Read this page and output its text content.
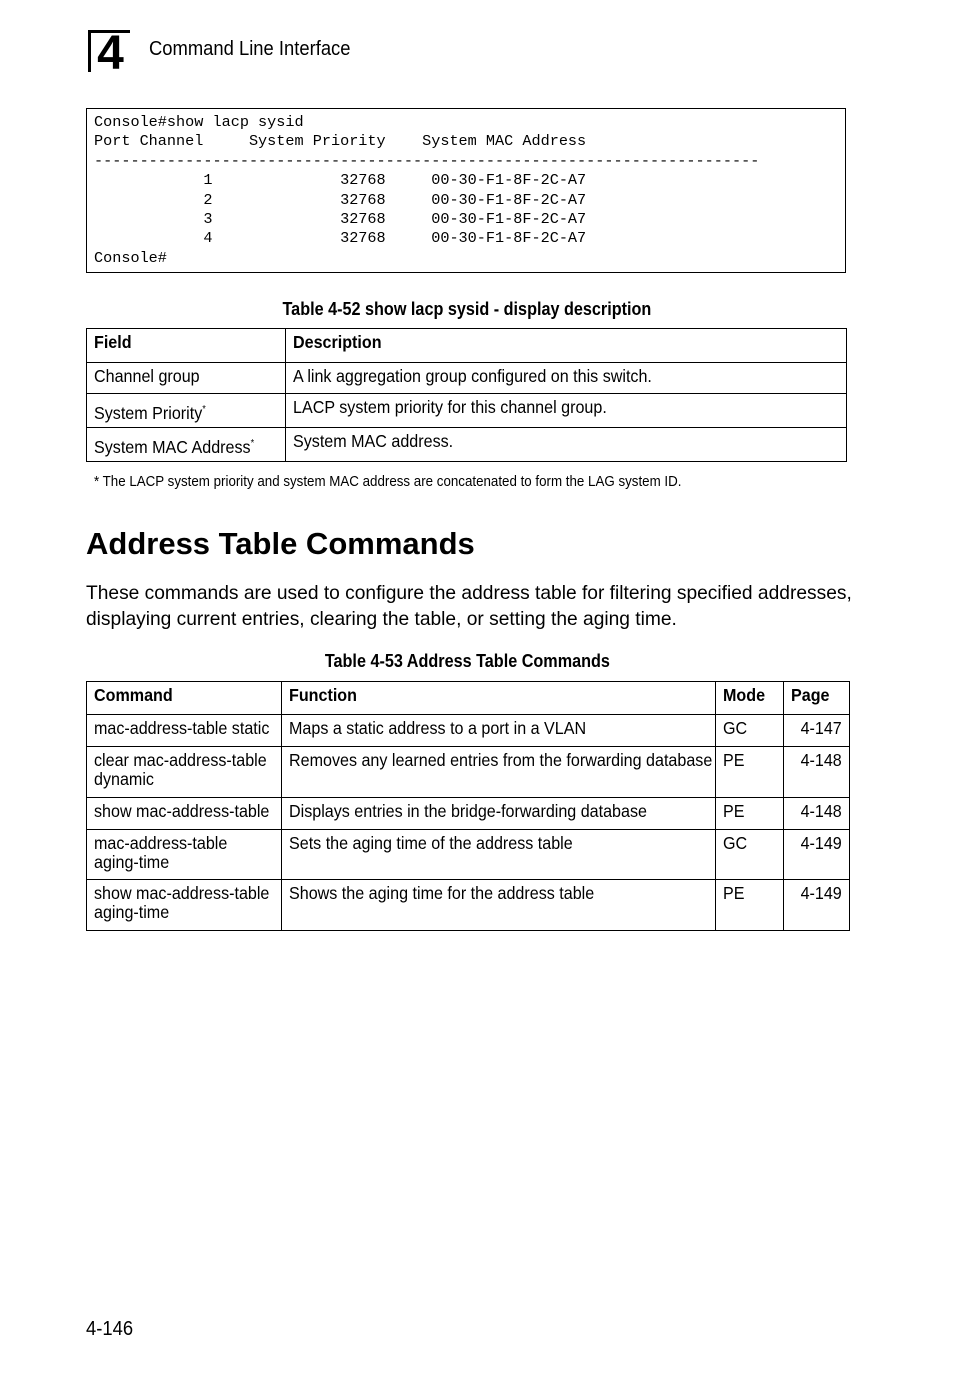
4	Command Line Interface
Console#show lacp sysid
Port Channel     System Priority    System MAC Address
-------------------------------------------------------------------------
1              32768     00-30-F1-8F-2C-A7
2              32768     00-30-F1-8F-2C-A7
3              32768     00-30-F1-8F-2C-A7
4              32768     00-30-F1-8F-2C-A7
Console#
Table 4-52 show lacp sysid - display description
Field	Description
Channel group	A link aggregation group configured on this switch.
System Priority*	LACP system priority for this channel group.
System MAC Address*	System MAC address.
* The LACP system priority and system MAC address are concatenated to form the LAG system ID.
Address Table Commands
These commands are used to configure the address table for filtering specified addresses, displaying current entries, clearing the table, or setting the aging time.
Table 4-53 Address Table Commands
Command	Function	Mode	Page
mac-address-table static	Maps a static address to a port in a VLAN	GC	4-147
clear mac-address-table dynamic	Removes any learned entries from the forwarding database	PE	4-148
show mac-address-table	Displays entries in the bridge-forwarding database	PE	4-148
mac-address-table aging-time	Sets the aging time of the address table	GC	4-149
show mac-address-table aging-time	Shows the aging time for the address table	PE	4-149
4-146
